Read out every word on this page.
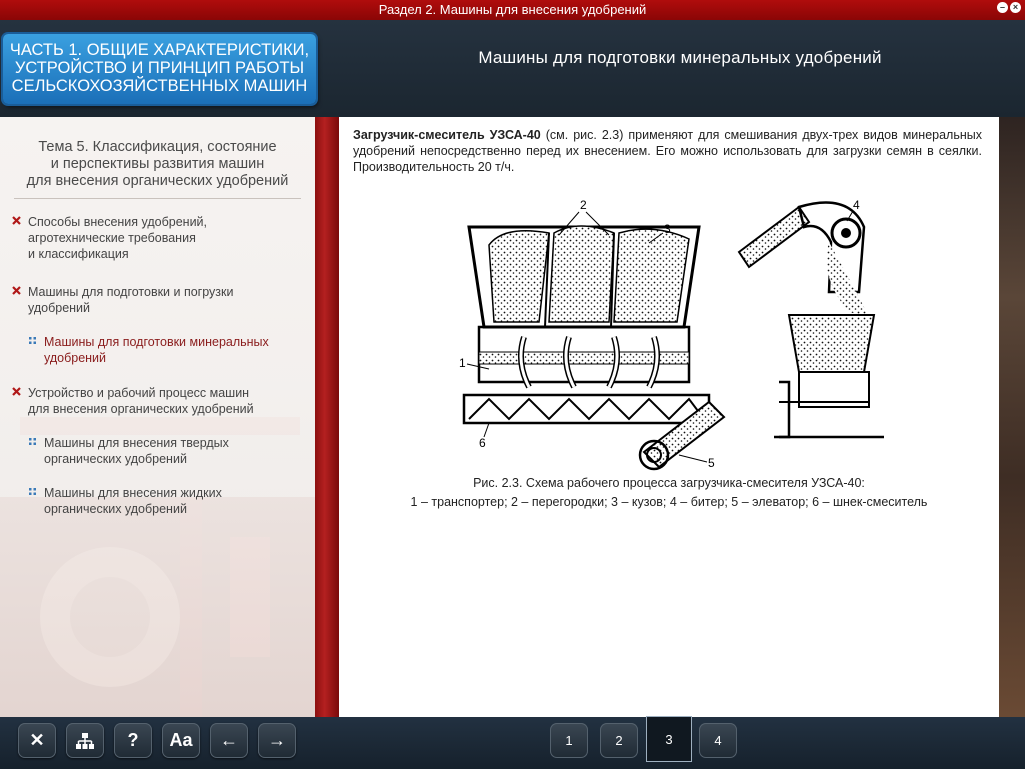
Раздел 2. Машины для внесения удобрений	– ×
ЧАСТЬ 1. ОБЩИЕ ХАРАКТЕРИСТИКИ,
УСТРОЙСТВО И ПРИНЦИП РАБОТЫ
СЕЛЬСКОХОЗЯЙСТВЕННЫХ МАШИН
Машины для подготовки минеральных удобрений
Тема 5. Классификация, состояние
и перспективы развития машин
для внесения органических удобрений
Способы внесения удобрений,
агротехнические требования
и классификация
Машины для подготовки и погрузки
удобрений
Машины для подготовки минеральных
удобрений
Устройство и рабочий процесс машин
для внесения органических удобрений
Машины для внесения твердых
органических удобрений
Машины для внесения жидких
органических удобрений
Загрузчик-смеситель УЗСА-40 (см. рис. 2.3) применяют для смешивания двух-трех видов минеральных удобрений непосредственно перед их внесением. Его можно использовать для загрузки семян в сеялки. Производительность 20 т/ч.
2
3
1
6
5
4
Рис. 2.3. Схема рабочего процесса загрузчика-смесителя УЗСА-40:
1 – транспортер; 2 – перегородки; 3 – кузов; 4 – битер; 5 – элеватор; 6 – шнек-смеситель
✕	? Aa ← →	1	2	3	4
